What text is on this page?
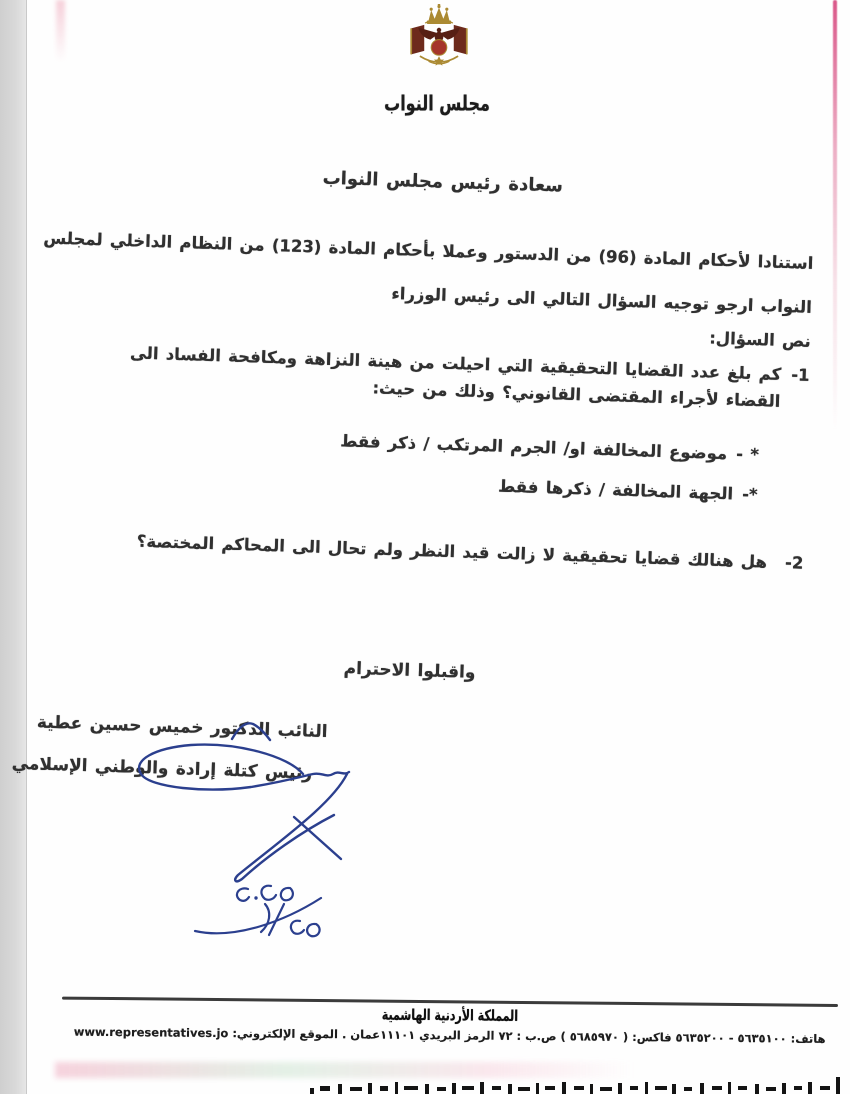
مجلس النواب
سعادة رئيس مجلس النواب

استنادا لأحكام المادة (96) من الدستور وعملا بأحكام المادة (123) من النظام الداخلي لمجلس
النواب ارجو توجيه السؤال التالي الى رئيس الوزراء

نص السؤال:
1-
كم بلغ عدد القضايا التحقيقية التي احيلت من هينة النزاهة ومكافحة الفساد الى القضاء لأجراء المقتضى القانوني؟ وذلك من حيث:
* -موضوع المخالفة او/ الجرم المرتكب / ذكر فقط
*-الجهة المخالفة / ذكرها فقط
2-
هل هنالك قضايا تحقيقية لا زالت قيد النظر ولم تحال الى المحاكم المختصة؟
واقبلوا الاحترام
النائب الدكتور خميس حسين عطية
رئيس كتلة إرادة والوطني الإسلامي
المملكة الأردنية الهاشمية
هاتف: ٥٦٣٥١٠٠ - ٥٦٣٥٢٠٠ فاكس: ( ٥٦٨٥٩٧٠ ) ص.ب : ٧٢ الرمز البريدي ١١١٠١عمان . الموقع الإلكتروني: www.representatives.jo
